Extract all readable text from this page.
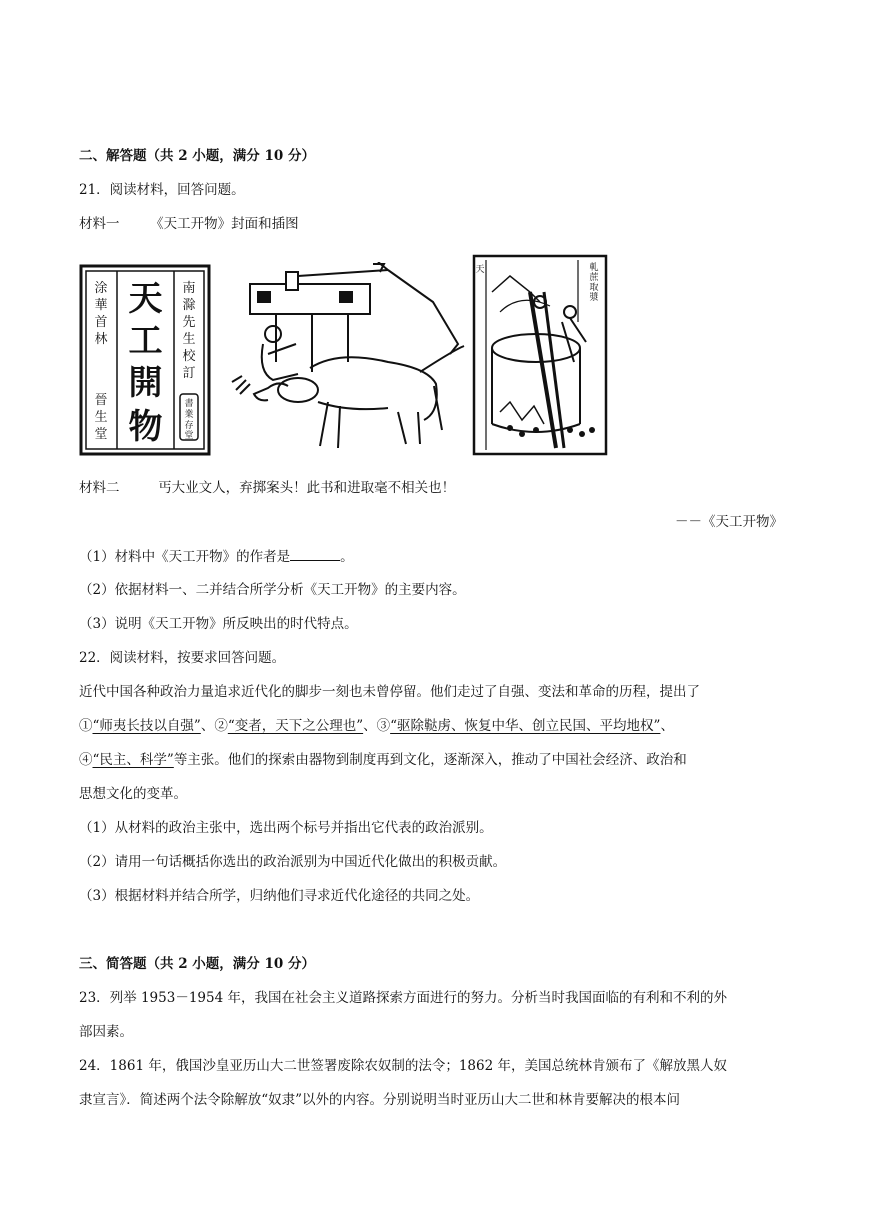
二、解答题（共 2 小题，满分 10 分）
21．阅读材料，回答问题。
材料一 《天工开物》封面和插图
天
工
開
物
南
滁
先
生
校
訂
涂
華
首
林
晉
生
堂
書
業
存
堂
軋
蔗
取
漿
天
材料二	丐大业文人，弃掷案头！此书和进取毫不相关也！
－－《天工开物》
（1）材料中《天工开物》的作者是	。
（2）依据材料一、二并结合所学分析《天工开物》的主要内容。
（3）说明《天工开物》所反映出的时代特点。
22．阅读材料，按要求回答问题。
近代中国各种政治力量追求近代化的脚步一刻也未曾停留。他们走过了自强、变法和革命的历程，提出了
①“师夷长技以自强”、②“变者，天下之公理也”、③“驱除鞑虏、恢复中华、创立民国、平均地权”、
④“民主、科学”等主张。他们的探索由器物到制度再到文化，逐渐深入，推动了中国社会经济、政治和
思想文化的变革。
（1）从材料的政治主张中，选出两个标号并指出它代表的政治派别。
（2）请用一句话概括你选出的政治派别为中国近代化做出的积极贡献。
（3）根据材料并结合所学，归纳他们寻求近代化途径的共同之处。
三、简答题（共 2 小题，满分 10 分）
23．列举 1953－1954 年，我国在社会主义道路探索方面进行的努力。分析当时我国面临的有利和不利的外
部因素。
24．1861 年，俄国沙皇亚历山大二世签署废除农奴制的法令；1862 年，美国总统林肯颁布了《解放黑人奴
隶宣言》．简述两个法令除解放“奴隶”以外的内容。分别说明当时亚历山大二世和林肯要解决的根本问
